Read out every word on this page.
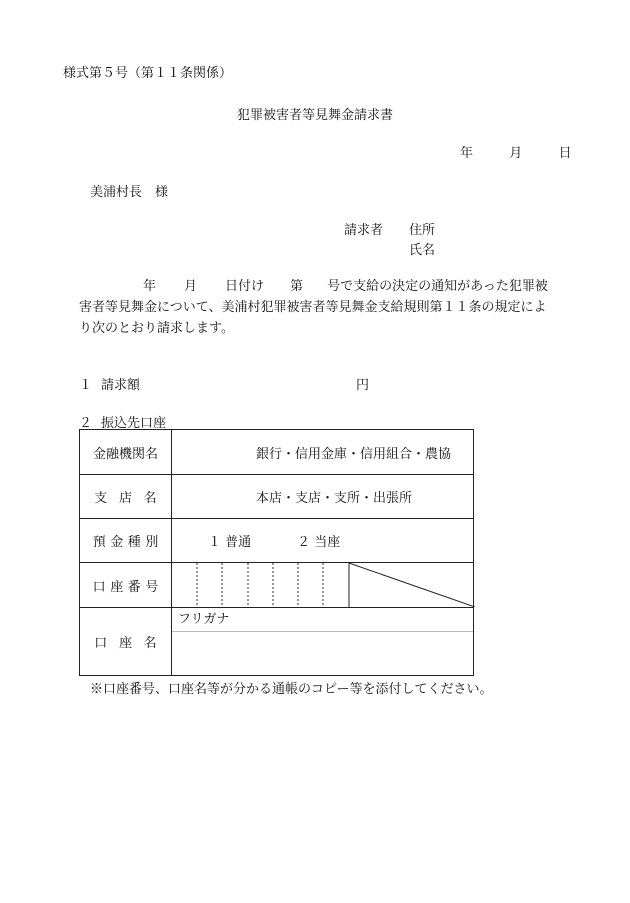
様式第５号（第１１条関係）
犯罪被害者等見舞金請求書
年	月	日
美浦村長　様
請求者 住所
氏名
年 月 日付け 第 号で支給の決定の通知があった犯罪被害者等見舞金について、美浦村犯罪被害者等見舞金支給規則第１１条の規定により次のとおり請求します。
１ 請求額	円
２ 振込先口座
金融機関名	銀行・信用金庫・信用組合・農協
支店名	本店・支店・支所・出張所
預金種別	１ 普通 ２ 当座
口座番号	

口座名	フリガナ
※口座番号、口座名等が分かる通帳のコピー等を添付してください。
